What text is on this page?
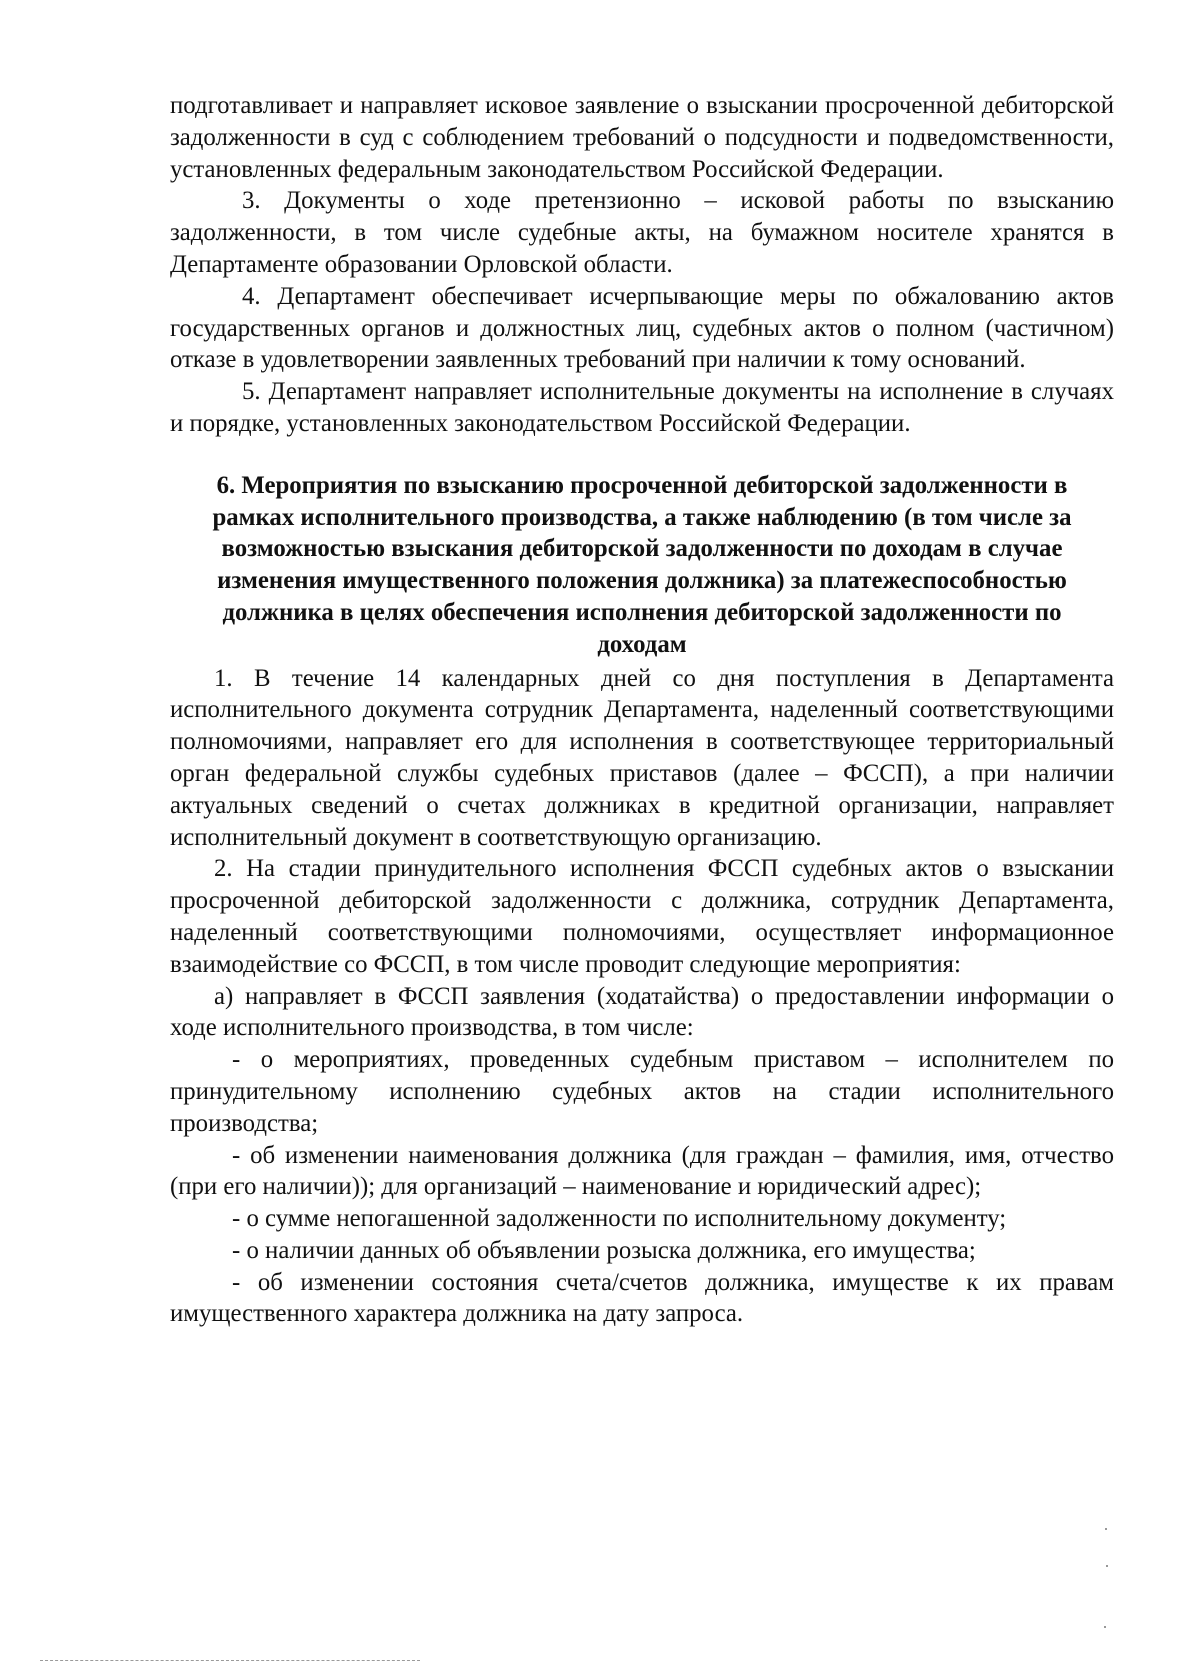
подготавливает и направляет исковое заявление о взыскании просроченной дебиторской задолженности в суд с соблюдением требований о подсудности и подведомственности, установленных федеральным законодательством Российской Федерации.

3. Документы о ходе претензионно – исковой работы по взысканию задолженности, в том числе судебные акты, на бумажном носителе хранятся в Департаменте образовании Орловской области.

4. Департамент обеспечивает исчерпывающие меры по обжалованию актов государственных органов и должностных лиц, судебных актов о полном (частичном) отказе в удовлетворении заявленных требований при наличии к тому оснований.

5. Департамент направляет исполнительные документы на исполнение в случаях и порядке, установленных законодательством Российской Федерации.

6. Мероприятия по взысканию просроченной дебиторской задолженности в рамках исполнительного производства, а также наблюдению (в том числе за возможностью взыскания дебиторской задолженности по доходам в случае изменения имущественного положения должника) за платежеспособностью должника в целях обеспечения исполнения дебиторской задолженности по доходам

1. В течение 14 календарных дней со дня поступления в Департамента исполнительного документа сотрудник Департамента, наделенный соответствующими полномочиями, направляет его для исполнения в соответствующее территориальный орган федеральной службы судебных приставов (далее – ФССП), а при наличии актуальных сведений о счетах должниках в кредитной организации, направляет исполнительный документ в соответствующую организацию.

2. На стадии принудительного исполнения ФССП судебных актов о взыскании просроченной дебиторской задолженности с должника, сотрудник Департамента, наделенный соответствующими полномочиями, осуществляет информационное взаимодействие со ФССП, в том числе проводит следующие мероприятия:

а) направляет в ФССП заявления (ходатайства) о предоставлении информации о ходе исполнительного производства, в том числе:

- о мероприятиях, проведенных судебным приставом – исполнителем по принудительному исполнению судебных актов на стадии исполнительного производства;

- об изменении наименования должника (для граждан – фамилия, имя, отчество (при его наличии)); для организаций – наименование и юридический адрес);

- о сумме непогашенной задолженности по исполнительному документу;

- о наличии данных об объявлении розыска должника, его имущества;

- об изменении состояния счета/счетов должника, имуществе к их правам имущественного характера должника на дату запроса.
